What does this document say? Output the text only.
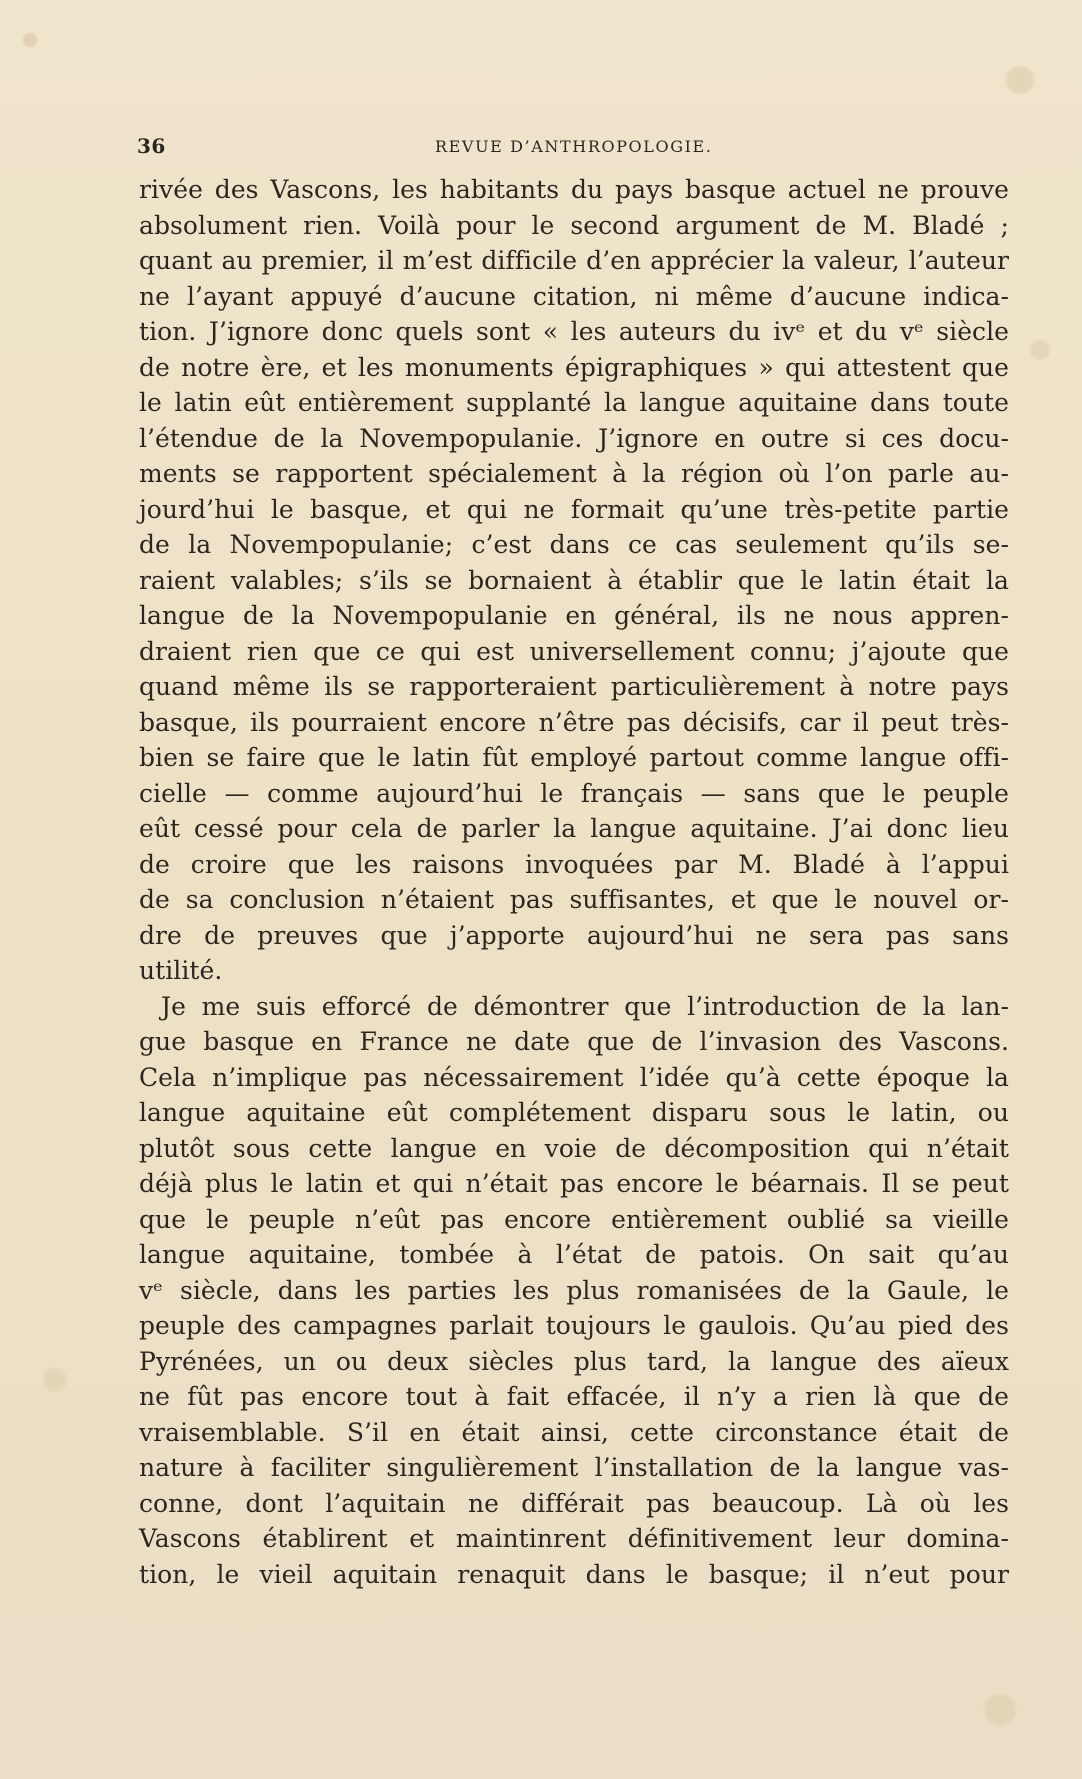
36	REVUE D’ANTHROPOLOGIE.
rivée des Vascons, les habitants du pays basque actuel ne prouve
absolument rien. Voilà pour le second argument de M. Bladé ;
quant au premier, il m’est difficile d’en apprécier la valeur, l’auteur
ne l’ayant appuyé d’aucune citation, ni même d’aucune indica-
tion. J’ignore donc quels sont « les auteurs du ivᵉ et du vᵉ siècle
de notre ère, et les monuments épigraphiques » qui attestent que
le latin eût entièrement supplanté la langue aquitaine dans toute
l’étendue de la Novempopulanie. J’ignore en outre si ces docu-
ments se rapportent spécialement à la région où l’on parle au-
jourd’hui le basque, et qui ne formait qu’une très-petite partie
de la Novempopulanie; c’est dans ce cas seulement qu’ils se-
raient valables; s’ils se bornaient à établir que le latin était la
langue de la Novempopulanie en général, ils ne nous appren-
draient rien que ce qui est universellement connu; j’ajoute que
quand même ils se rapporteraient particulièrement à notre pays
basque, ils pourraient encore n’être pas décisifs, car il peut très-
bien se faire que le latin fût employé partout comme langue offi-
cielle — comme aujourd’hui le français — sans que le peuple
eût cessé pour cela de parler la langue aquitaine. J’ai donc lieu
de croire que les raisons invoquées par M. Bladé à l’appui
de sa conclusion n’étaient pas suffisantes, et que le nouvel or-
dre de preuves que j’apporte aujourd’hui ne sera pas sans
utilité.
Je me suis efforcé de démontrer que l’introduction de la lan-
gue basque en France ne date que de l’invasion des Vascons.
Cela n’implique pas nécessairement l’idée qu’à cette époque la
langue aquitaine eût complétement disparu sous le latin, ou
plutôt sous cette langue en voie de décomposition qui n’était
déjà plus le latin et qui n’était pas encore le béarnais. Il se peut
que le peuple n’eût pas encore entièrement oublié sa vieille
langue aquitaine, tombée à l’état de patois. On sait qu’au
vᵉ siècle, dans les parties les plus romanisées de la Gaule, le
peuple des campagnes parlait toujours le gaulois. Qu’au pied des
Pyrénées, un ou deux siècles plus tard, la langue des aïeux
ne fût pas encore tout à fait effacée, il n’y a rien là que de
vraisemblable. S’il en était ainsi, cette circonstance était de
nature à faciliter singulièrement l’installation de la langue vas-
conne, dont l’aquitain ne différait pas beaucoup. Là où les
Vascons établirent et maintinrent définitivement leur domina-
tion, le vieil aquitain renaquit dans le basque; il n’eut pour
